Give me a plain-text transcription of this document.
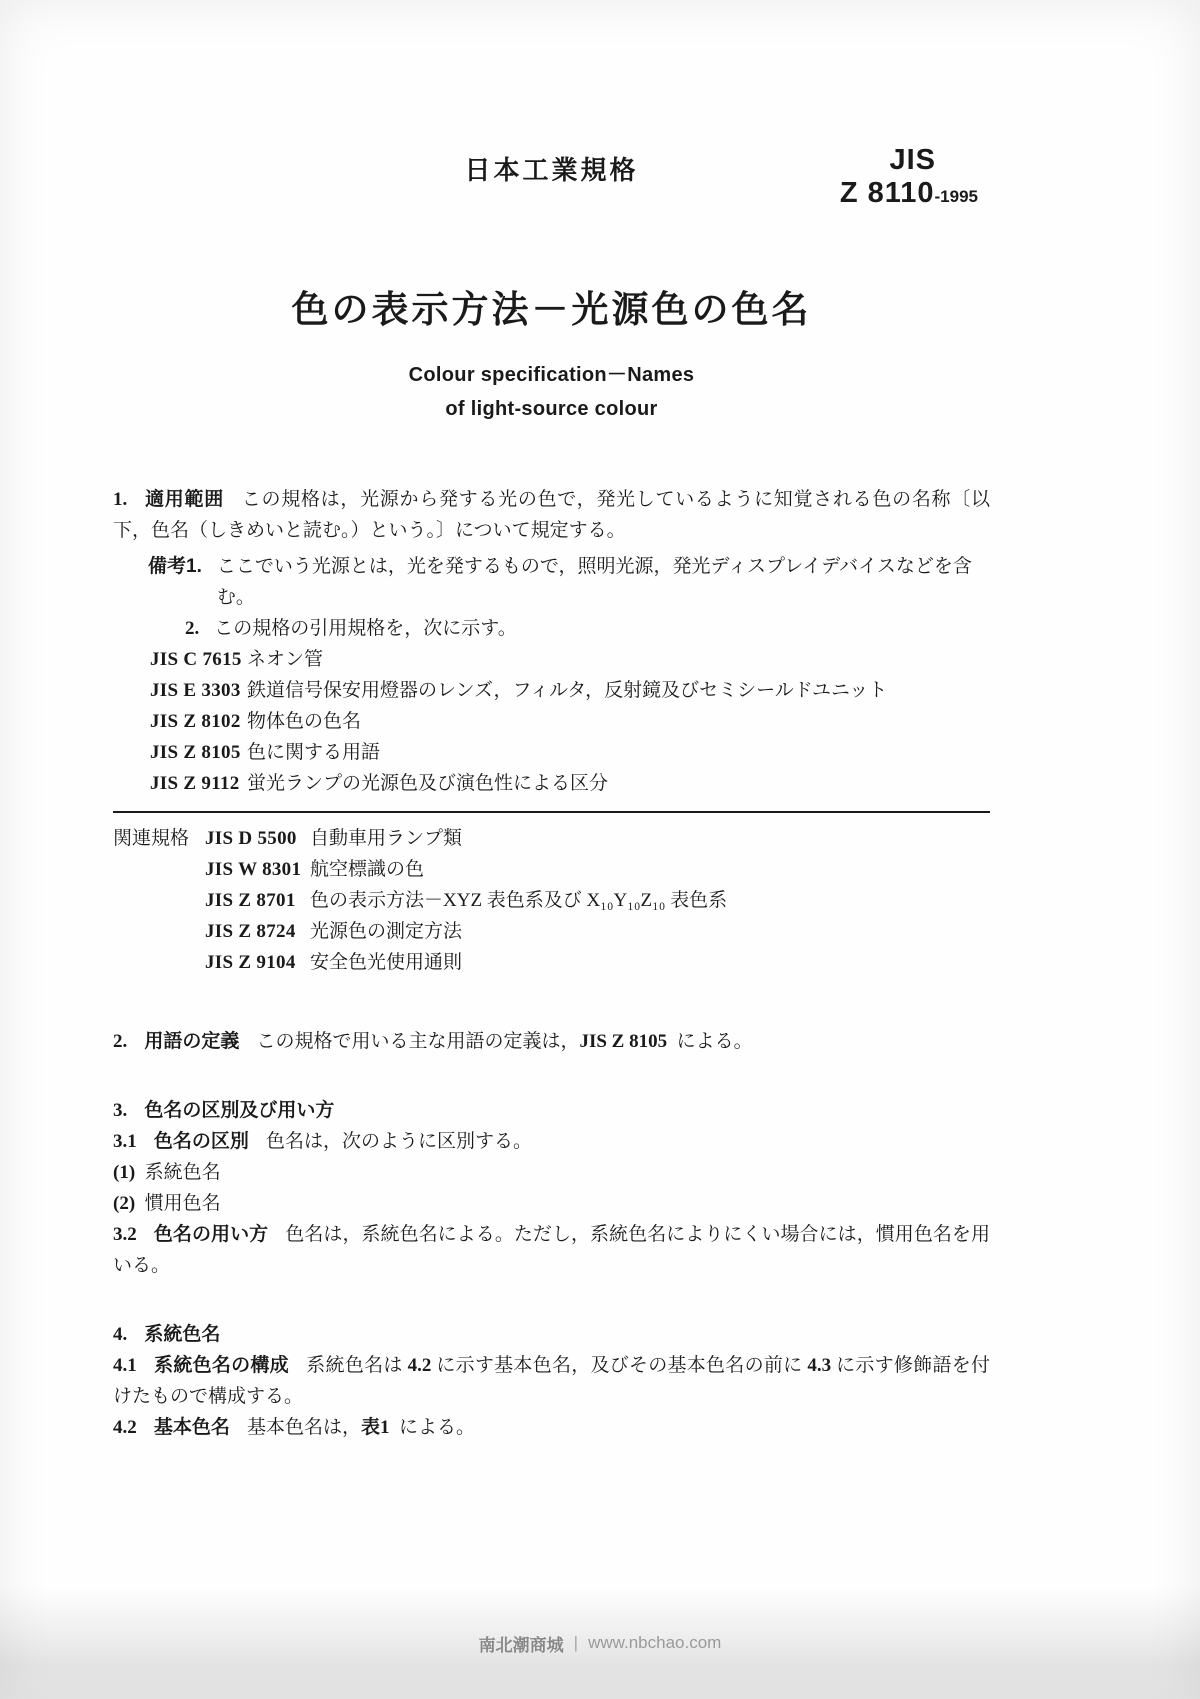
日本工業規格	JIS
Z 8110-1995
色の表示方法－光源色の色名
Colour specification－Names
of light-source colour

1. 適用範囲 この規格は，光源から発する光の色で，発光しているように知覚される色の名称〔以下，色名（しきめいと読む。）という。〕について規定する。

備考1. ここでいう光源とは，光を発するもので，照明光源，発光ディスプレイデバイスなどを含む。
2. この規格の引用規格を，次に示す。
JIS C 7615 ネオン管
JIS E 3303 鉄道信号保安用燈器のレンズ，フィルタ，反射鏡及びセミシールドユニット
JIS Z 8102 物体色の色名
JIS Z 8105 色に関する用語
JIS Z 9112 蛍光ランプの光源色及び演色性による区分
関連規格 JIS D 5500 自動車用ランプ類
JIS W 8301 航空標識の色
JIS Z 8701 色の表示方法－XYZ 表色系及び X₁₀Y₁₀Z₁₀ 表色系
JIS Z 8724 光源色の測定方法
JIS Z 9104 安全色光使用通則

2. 用語の定義 この規格で用いる主な用語の定義は，JIS Z 8105 による。

3. 色名の区別及び用い方

3.1 色名の区別 色名は，次のように区別する。

(1) 系統色名

(2) 慣用色名

3.2 色名の用い方 色名は，系統色名による。ただし，系統色名によりにくい場合には，慣用色名を用いる。

4. 系統色名

4.1 系統色名の構成 系統色名は 4.2 に示す基本色名，及びその基本色名の前に 4.3 に示す修飾語を付けたもので構成する。

4.2 基本色名 基本色名は，表1 による。

南北潮商城 | www.nbchao.com
